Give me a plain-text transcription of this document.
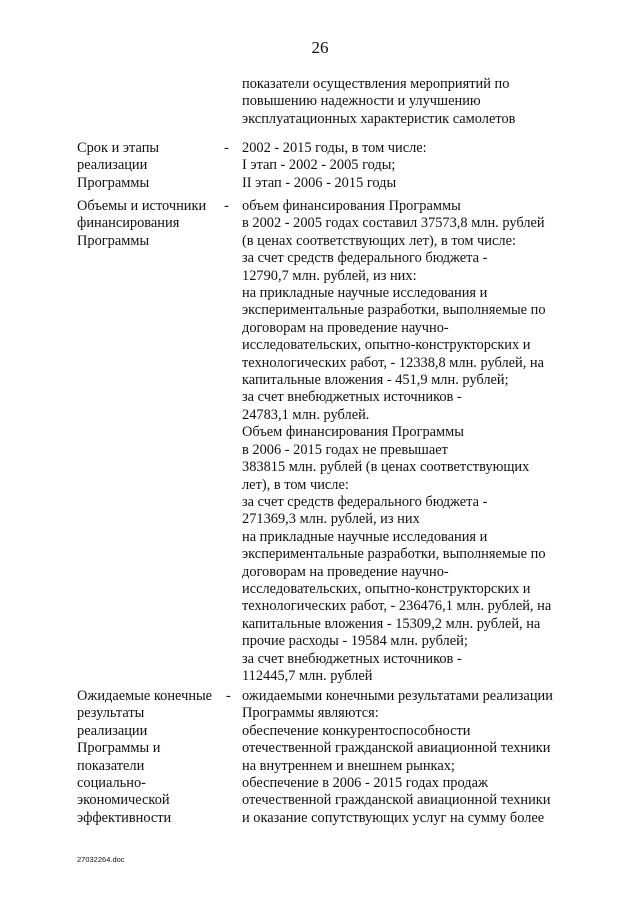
26
показатели осуществления мероприятий по
повышению надежности и улучшению
эксплуатационных характеристик самолетов
Срок и этапы
реализации
Программы
- 2002 - 2015 годы, в том числе:
I этап - 2002 - 2005 годы;
II этап - 2006 - 2015 годы
Объемы и источники
финансирования
Программы
- объем финансирования Программы
в 2002 - 2005 годах составил 37573,8 млн. рублей
(в ценах соответствующих лет), в том числе:
за счет средств федерального бюджета -
12790,7 млн. рублей, из них:
на прикладные научные исследования и
экспериментальные разработки, выполняемые по
договорам на проведение научно-
исследовательских, опытно-конструкторских и
технологических работ, - 12338,8 млн. рублей, на
капитальные вложения - 451,9 млн. рублей;
за счет внебюджетных источников -
24783,1 млн. рублей.
Объем финансирования Программы
в 2006 - 2015 годах не превышает
383815 млн. рублей (в ценах соответствующих
лет), в том числе:
за счет средств федерального бюджета -
271369,3 млн. рублей, из них
на прикладные научные исследования и
экспериментальные разработки, выполняемые по
договорам на проведение научно-
исследовательских, опытно-конструкторских и
технологических работ, - 236476,1 млн. рублей, на
капитальные вложения - 15309,2 млн. рублей, на
прочие расходы - 19584 млн. рублей;
за счет внебюджетных источников -
112445,7 млн. рублей
Ожидаемые конечные
результаты
реализации
Программы и
показатели
социально-
экономической
эффективности
- ожидаемыми конечными результатами реализации
Программы являются:
обеспечение конкурентоспособности
отечественной гражданской авиационной техники
на внутреннем и внешнем рынках;
обеспечение в 2006 - 2015 годах продаж
отечественной гражданской авиационной техники
и оказание сопутствующих услуг на сумму более
27032264.doc
